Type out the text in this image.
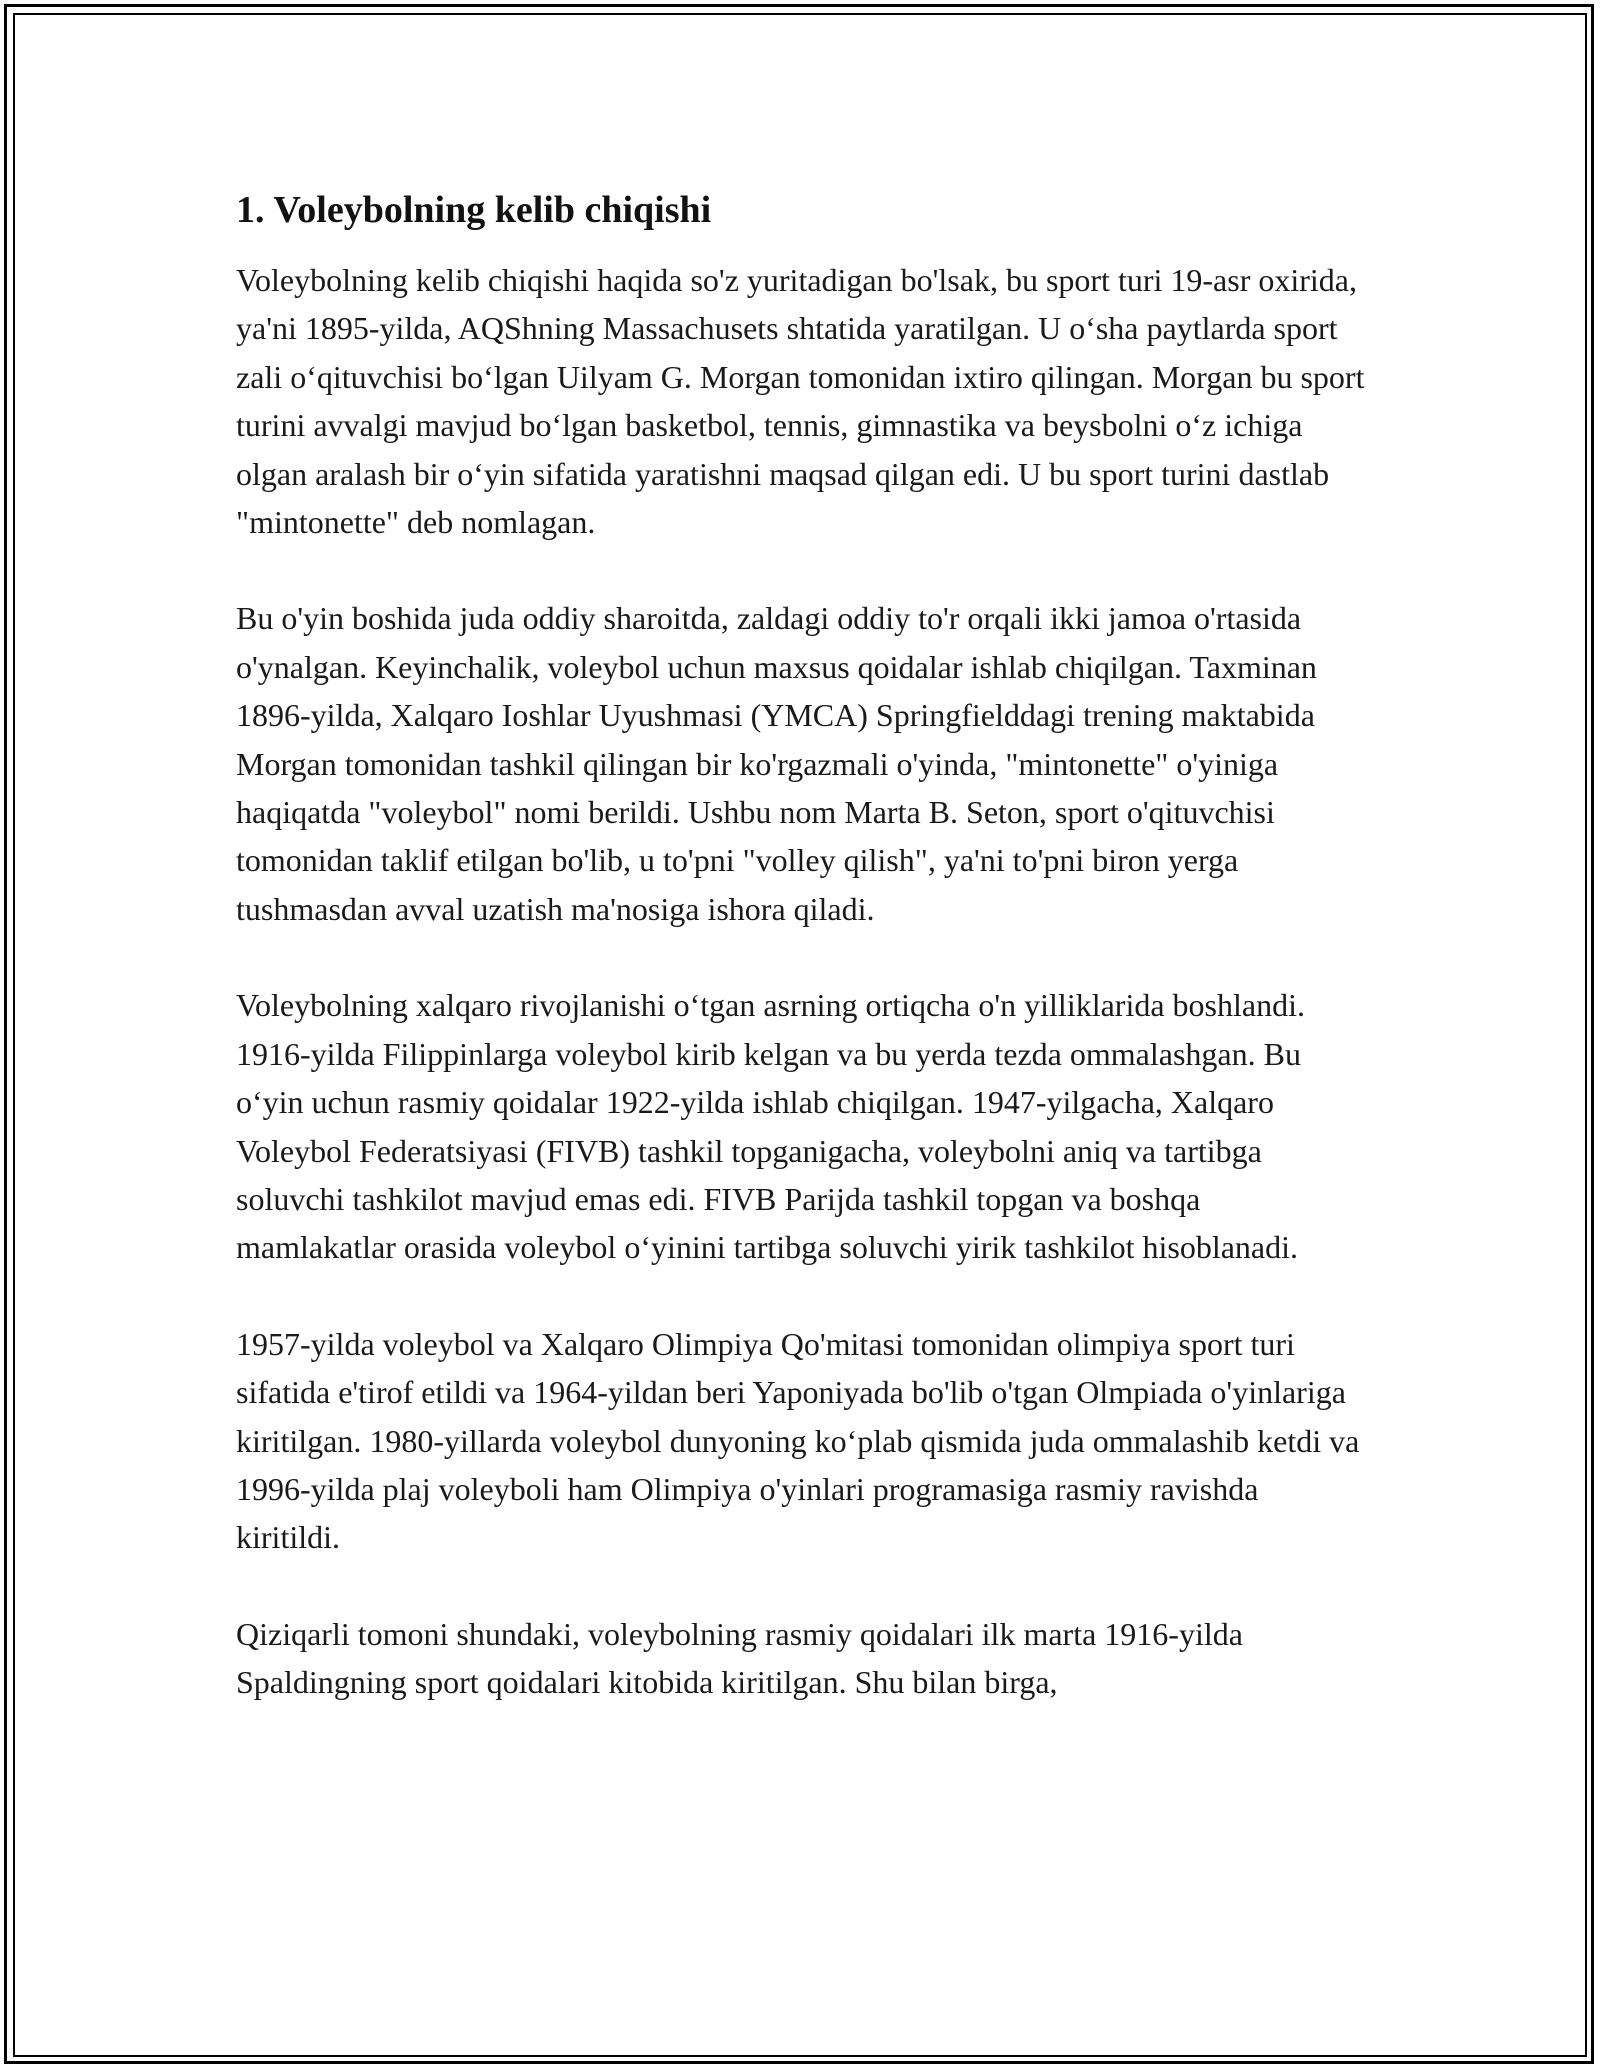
1. Voleybolning kelib chiqishi

Voleybolning kelib chiqishi haqida so'z yuritadigan bo'lsak, bu sport turi 19-asr oxirida, ya'ni 1895-yilda, AQShning Massachusets shtatida yaratilgan. U o‘sha paytlarda sport zali o‘qituvchisi bo‘lgan Uilyam G. Morgan tomonidan ixtiro qilingan. Morgan bu sport turini avvalgi mavjud bo‘lgan basketbol, tennis, gimnastika va beysbolni o‘z ichiga olgan aralash bir o‘yin sifatida yaratishni maqsad qilgan edi. U bu sport turini dastlab "mintonette" deb nomlagan.

Bu o'yin boshida juda oddiy sharoitda, zaldagi oddiy to'r orqali ikki jamoa o'rtasida o'ynalgan. Keyinchalik, voleybol uchun maxsus qoidalar ishlab chiqilgan. Taxminan 1896-yilda, Xalqaro Ioshlar Uyushmasi (YMCA) Springfielddagi trening maktabida Morgan tomonidan tashkil qilingan bir ko'rgazmali o'yinda, "mintonette" o'yiniga haqiqatda "voleybol" nomi berildi. Ushbu nom Marta B. Seton, sport o'qituvchisi tomonidan taklif etilgan bo'lib, u to'pni "volley qilish", ya'ni to'pni biron yerga tushmasdan avval uzatish ma'nosiga ishora qiladi.

Voleybolning xalqaro rivojlanishi o‘tgan asrning ortiqcha o'n yilliklarida boshlandi. 1916-yilda Filippinlarga voleybol kirib kelgan va bu yerda tezda ommalashgan. Bu o‘yin uchun rasmiy qoidalar 1922-yilda ishlab chiqilgan. 1947-yilgacha, Xalqaro Voleybol Federatsiyasi (FIVB) tashkil topganigacha, voleybolni aniq va tartibga soluvchi tashkilot mavjud emas edi. FIVB Parijda tashkil topgan va boshqa mamlakatlar orasida voleybol o‘yinini tartibga soluvchi yirik tashkilot hisoblanadi.

1957-yilda voleybol va Xalqaro Olimpiya Qo'mitasi tomonidan olimpiya sport turi sifatida e'tirof etildi va 1964-yildan beri Yaponiyada bo'lib o'tgan Olmpiada o'yinlariga kiritilgan. 1980-yillarda voleybol dunyoning ko‘plab qismida juda ommalashib ketdi va 1996-yilda plaj voleyboli ham Olimpiya o'yinlari programasiga rasmiy ravishda kiritildi.

Qiziqarli tomoni shundaki, voleybolning rasmiy qoidalari ilk marta 1916-yilda Spaldingning sport qoidalari kitobida kiritilgan. Shu bilan birga,
